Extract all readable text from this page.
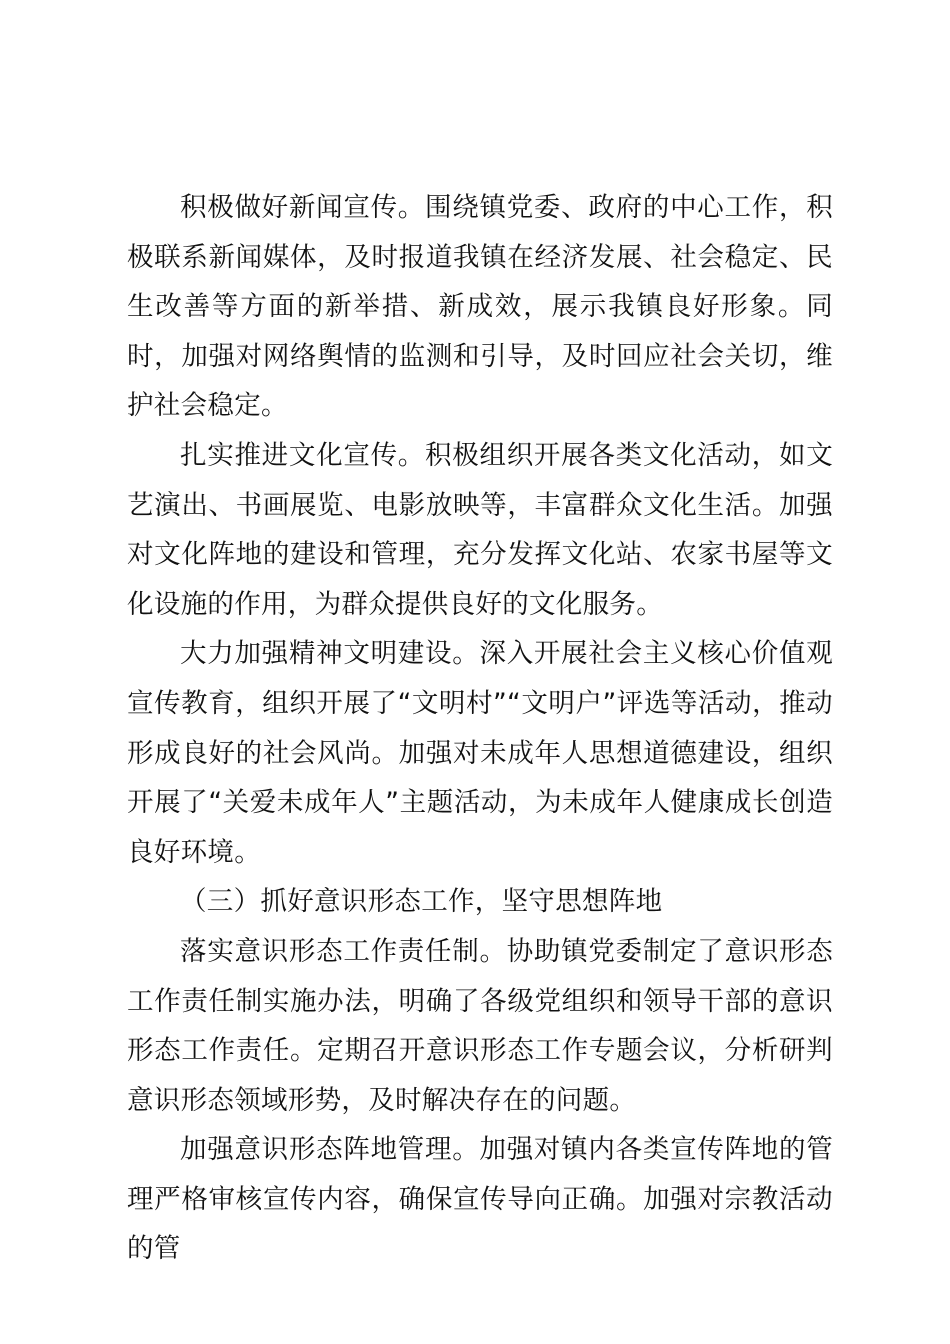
积极做好新闻宣传。围绕镇党委、政府的中心工作，积极联系新闻媒体，及时报道我镇在经济发展、社会稳定、民生改善等方面的新举措、新成效，展示我镇良好形象。同时，加强对网络舆情的监测和引导，及时回应社会关切，维护社会稳定。

扎实推进文化宣传。积极组织开展各类文化活动，如文艺演出、书画展览、电影放映等，丰富群众文化生活。加强对文化阵地的建设和管理，充分发挥文化站、农家书屋等文化设施的作用，为群众提供良好的文化服务。

大力加强精神文明建设。深入开展社会主义核心价值观宣传教育，组织开展了“文明村”“文明户”评选等活动，推动形成良好的社会风尚。加强对未成年人思想道德建设，组织开展了“关爱未成年人”主题活动，为未成年人健康成长创造良好环境。

（三）抓好意识形态工作，坚守思想阵地

落实意识形态工作责任制。协助镇党委制定了意识形态工作责任制实施办法，明确了各级党组织和领导干部的意识形态工作责任。定期召开意识形态工作专题会议，分析研判意识形态领域形势，及时解决存在的问题。

加强意识形态阵地管理。加强对镇内各类宣传阵地的管理严格审核宣传内容，确保宣传导向正确。加强对宗教活动的管
